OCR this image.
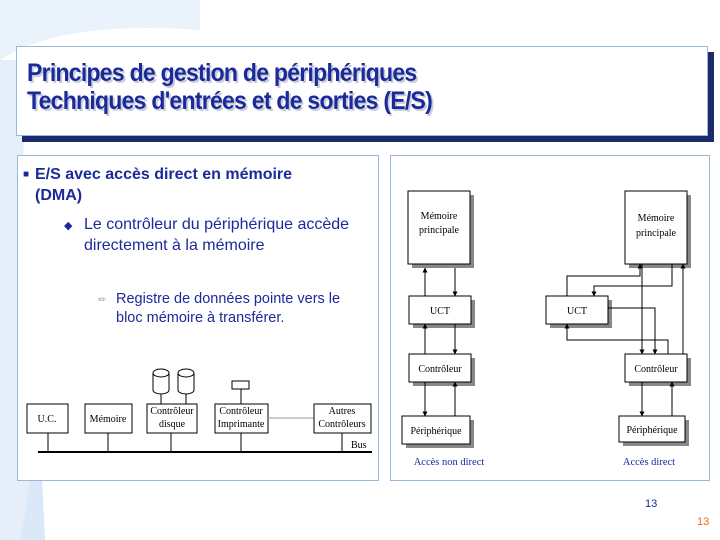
Principes de gestion de périphériques
Techniques d'entrées et de sorties (E/S)
■ E/S avec accès direct en mémoire (DMA)
◆ Le contrôleur du périphérique accède directement à la mémoire
✏ Registre de données pointe vers le bloc mémoire à transférer.
U.C.	Mémoire
Contrôleur
disque
Contrôleur
Imprimante
Autres
Contrôleurs
Bus
Mémoire
principale
UCT
Contrôleur
Périphérique
Accès non direct
Mémoire
principale
UCT
Contrôleur
Périphérique
Accès direct
13
13
